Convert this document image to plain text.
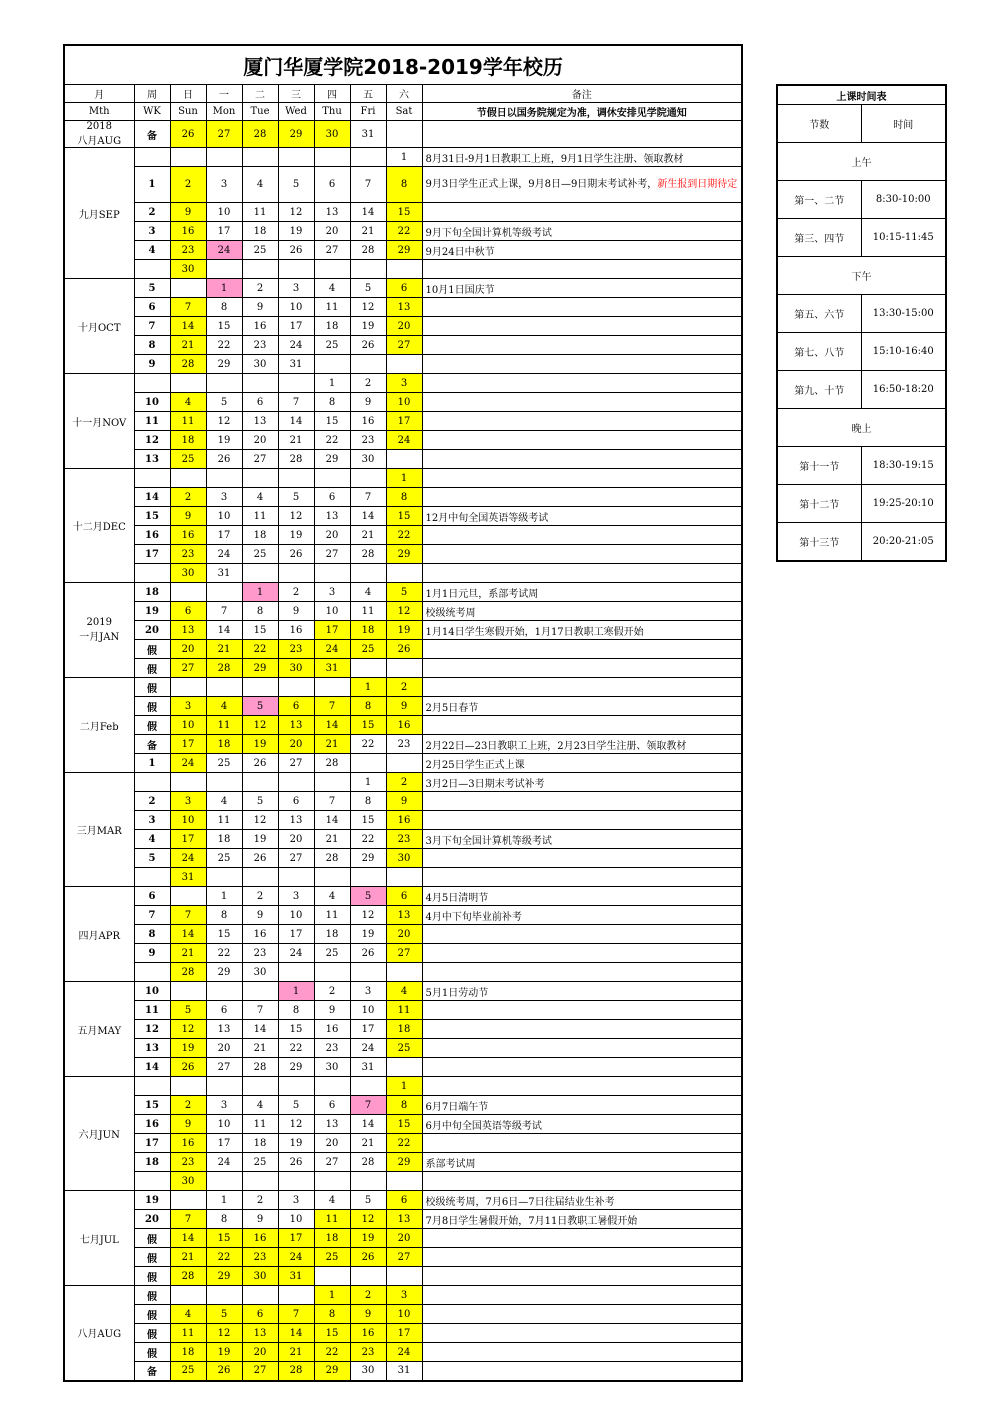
厦门华厦学院2018-2019学年校历									
月	周	日	一	二	三	四	五	六	备注
Mth	WK	Sun	Mon	Tue	Wed	Thu	Fri	Sat	节假日以国务院规定为准，调休安排见学院通知
2018
八月AUG	备	26	27	28	29	30	31		
九月SEP								1	8月31日-9月1日教职工上班，9月1日学生注册、领取教材
	1	2	3	4	5	6	7	8	9月3日学生正式上课，9月8日—9日期末考试补考，新生报到日期待定
	2	9	10	11	12	13	14	15	
	3	16	17	18	19	20	21	22	9月下旬全国计算机等级考试
	4	23	24	25	26	27	28	29	9月24日中秋节
		30							
十月OCT	5		1	2	3	4	5	6	10月1日国庆节
	6	7	8	9	10	11	12	13	
	7	14	15	16	17	18	19	20	
	8	21	22	23	24	25	26	27	
	9	28	29	30	31				
十一月NOV						1	2	3	
	10	4	5	6	7	8	9	10	
	11	11	12	13	14	15	16	17	
	12	18	19	20	21	22	23	24	
	13	25	26	27	28	29	30		
十二月DEC								1	
	14	2	3	4	5	6	7	8	
	15	9	10	11	12	13	14	15	12月中旬全国英语等级考试
	16	16	17	18	19	20	21	22	
	17	23	24	25	26	27	28	29	
		30	31						
2019
一月JAN	18			1	2	3	4	5	1月1日元旦，系部考试周
	19	6	7	8	9	10	11	12	校级统考周
	20	13	14	15	16	17	18	19	1月14日学生寒假开始，1月17日教职工寒假开始
	假	20	21	22	23	24	25	26	
	假	27	28	29	30	31			
二月Feb	假						1	2	
	假	3	4	5	6	7	8	9	2月5日春节
	假	10	11	12	13	14	15	16	
	备	17	18	19	20	21	22	23	2月22日—23日教职工上班，2月23日学生注册、领取教材
	1	24	25	26	27	28			2月25日学生正式上课
三月MAR							1	2	3月2日—3日期末考试补考
	2	3	4	5	6	7	8	9	
	3	10	11	12	13	14	15	16	
	4	17	18	19	20	21	22	23	3月下旬全国计算机等级考试
	5	24	25	26	27	28	29	30	
		31							
四月APR	6		1	2	3	4	5	6	4月5日清明节
	7	7	8	9	10	11	12	13	4月中下旬毕业前补考
	8	14	15	16	17	18	19	20	
	9	21	22	23	24	25	26	27	
		28	29	30					
五月MAY	10				1	2	3	4	5月1日劳动节
	11	5	6	7	8	9	10	11	
	12	12	13	14	15	16	17	18	
	13	19	20	21	22	23	24	25	
	14	26	27	28	29	30	31		
六月JUN								1	
	15	2	3	4	5	6	7	8	6月7日端午节
	16	9	10	11	12	13	14	15	6月中旬全国英语等级考试
	17	16	17	18	19	20	21	22	
	18	23	24	25	26	27	28	29	系部考试周
		30							
七月JUL	19		1	2	3	4	5	6	校级统考周，7月6日—7日往届结业生补考
	20	7	8	9	10	11	12	13	7月8日学生暑假开始，7月11日教职工暑假开始
	假	14	15	16	17	18	19	20	
	假	21	22	23	24	25	26	27	
	假	28	29	30	31				
八月AUG	假					1	2	3	
	假	4	5	6	7	8	9	10	
	假	11	12	13	14	15	16	17	
	假	18	19	20	21	22	23	24	
	备	25	26	27	28	29	30	31	
上课时间表	
节数	时间
上午	
第一、二节	8:30-10:00
第三、四节	10:15-11:45
下午	
第五、六节	13:30-15:00
第七、八节	15:10-16:40
第九、十节	16:50-18:20
晚上	
第十一节	18:30-19:15
第十二节	19:25-20:10
第十三节	20:20-21:05
